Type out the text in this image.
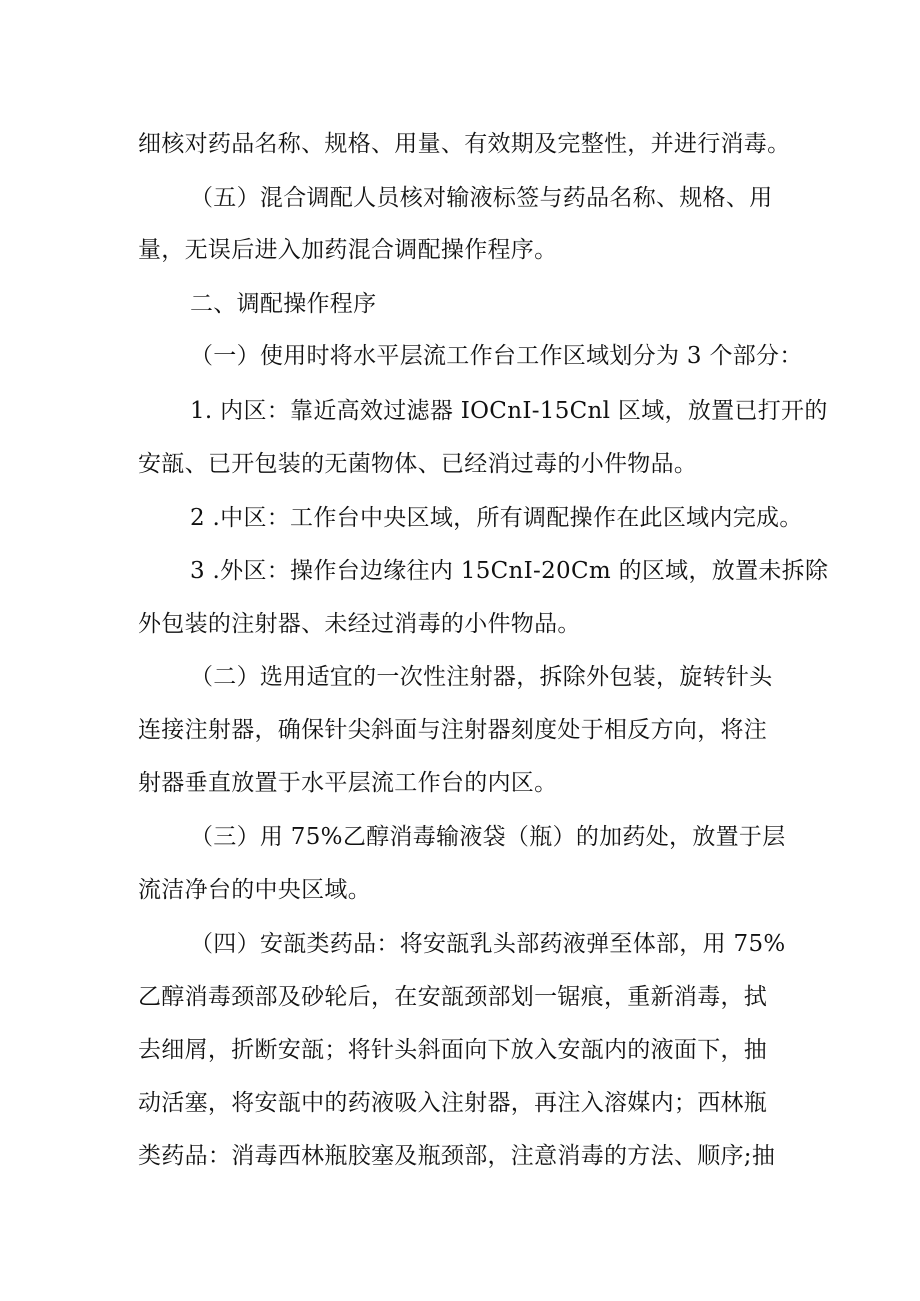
细核对药品名称、规格、用量、有效期及完整性，并进行消毒。
（五）混合调配人员核对输液标签与药品名称、规格、用
量，无误后进入加药混合调配操作程序。
二、调配操作程序
（一）使用时将水平层流工作台工作区域划分为 3 个部分：
1. 内区：靠近高效过滤器 IOCnI-15Cnl 区域，放置已打开的
安瓿、已开包装的无菌物体、已经消过毒的小件物品。
2 .中区：工作台中央区域，所有调配操作在此区域内完成。
3 .外区：操作台边缘往内 15CnI-20Cm 的区域，放置未拆除
外包装的注射器、未经过消毒的小件物品。
（二）选用适宜的一次性注射器，拆除外包装，旋转针头
连接注射器，确保针尖斜面与注射器刻度处于相反方向，将注
射器垂直放置于水平层流工作台的内区。
（三）用 75%乙醇消毒输液袋（瓶）的加药处，放置于层
流洁净台的中央区域。
（四）安瓿类药品：将安瓿乳头部药液弹至体部，用 75%
乙醇消毒颈部及砂轮后，在安瓿颈部划一锯痕，重新消毒，拭
去细屑，折断安瓿；将针头斜面向下放入安瓿内的液面下，抽
动活塞，将安瓿中的药液吸入注射器，再注入溶媒内；西林瓶
类药品：消毒西林瓶胶塞及瓶颈部，注意消毒的方法、顺序;抽
